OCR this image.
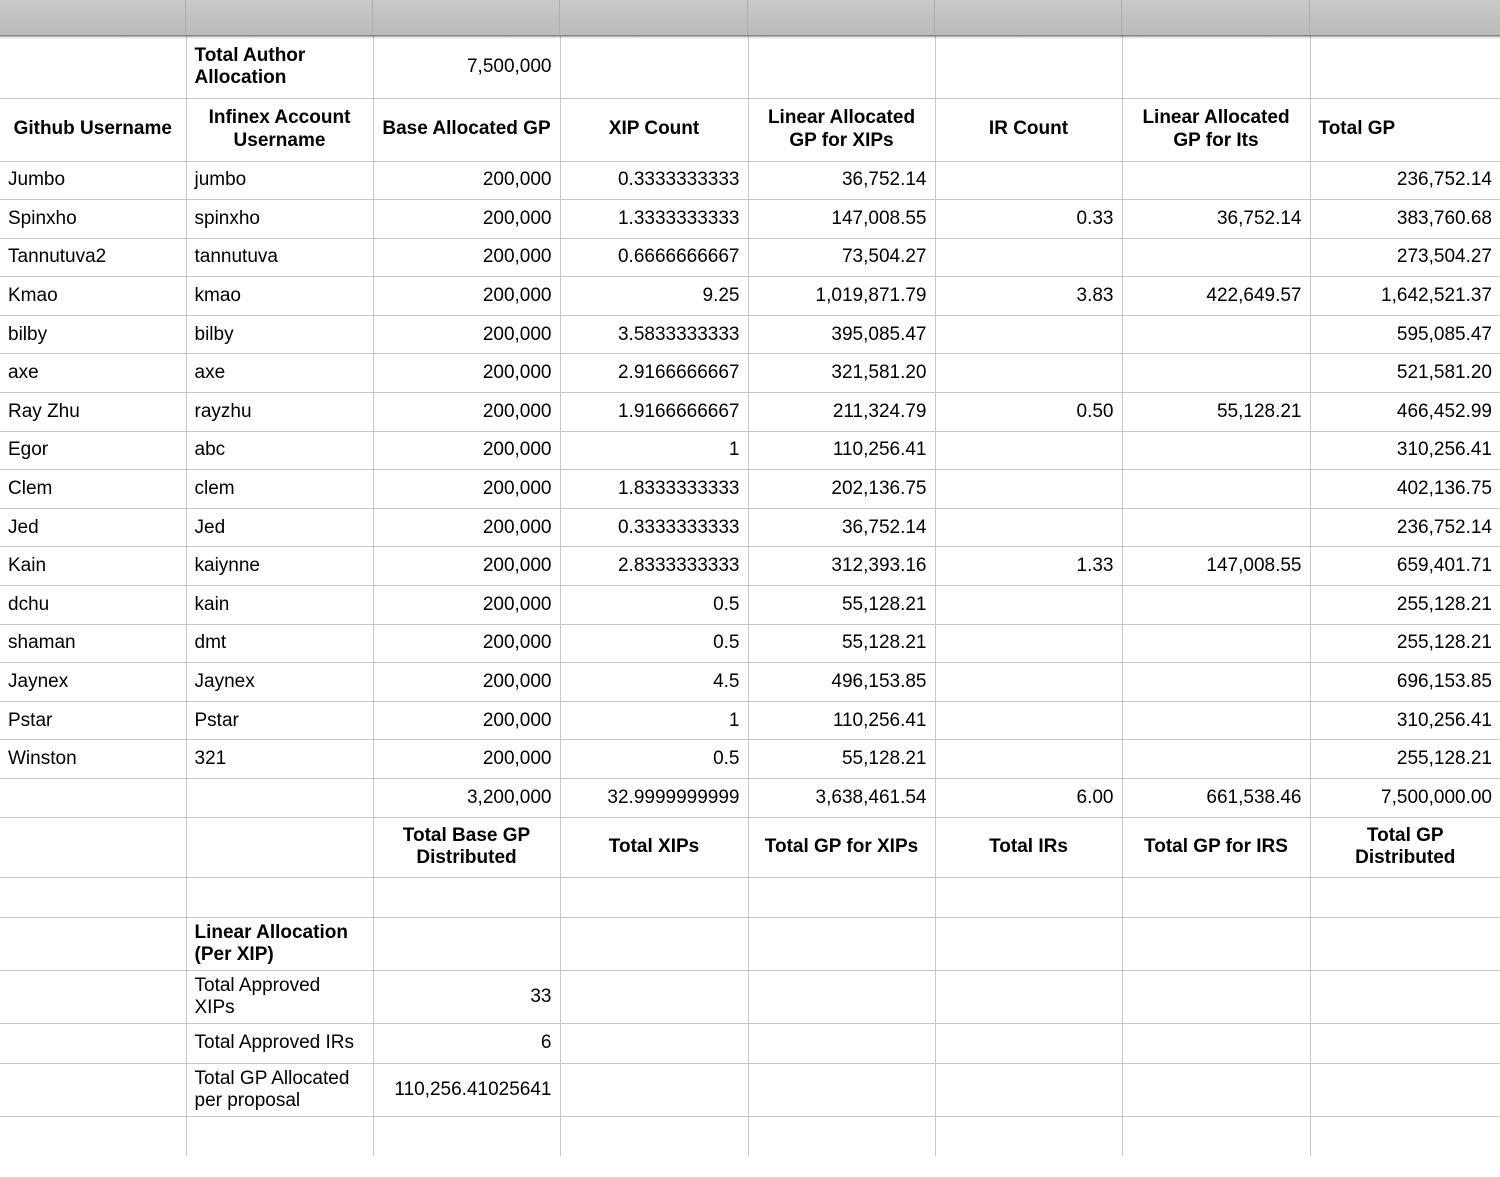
	Total Author Allocation	7,500,000					
Github Username	Infinex Account Username	Base Allocated GP	XIP Count	Linear Allocated GP for XIPs	IR Count	Linear Allocated GP for Its	Total GP
Jumbo	jumbo	200,000	0.3333333333	36,752.14			236,752.14
Spinxho	spinxho	200,000	1.3333333333	147,008.55	0.33	36,752.14	383,760.68
Tannutuva2	tannutuva	200,000	0.6666666667	73,504.27			273,504.27
Kmao	kmao	200,000	9.25	1,019,871.79	3.83	422,649.57	1,642,521.37
bilby	bilby	200,000	3.5833333333	395,085.47			595,085.47
axe	axe	200,000	2.9166666667	321,581.20			521,581.20
Ray Zhu	rayzhu	200,000	1.9166666667	211,324.79	0.50	55,128.21	466,452.99
Egor	abc	200,000	1	110,256.41			310,256.41
Clem	clem	200,000	1.8333333333	202,136.75			402,136.75
Jed	Jed	200,000	0.3333333333	36,752.14			236,752.14
Kain	kaiynne	200,000	2.8333333333	312,393.16	1.33	147,008.55	659,401.71
dchu	kain	200,000	0.5	55,128.21			255,128.21
shaman	dmt	200,000	0.5	55,128.21			255,128.21
Jaynex	Jaynex	200,000	4.5	496,153.85			696,153.85
Pstar	Pstar	200,000	1	110,256.41			310,256.41
Winston	321	200,000	0.5	55,128.21			255,128.21
		3,200,000	32.9999999999	3,638,461.54	6.00	661,538.46	7,500,000.00
		Total Base GP Distributed	Total XIPs	Total GP for XIPs	Total IRs	Total GP for IRS	Total GP Distributed

	Linear Allocation (Per XIP)						
	Total Approved XIPs	33					
	Total Approved IRs	6					
	Total GP Allocated per proposal	110,256.41025641					
